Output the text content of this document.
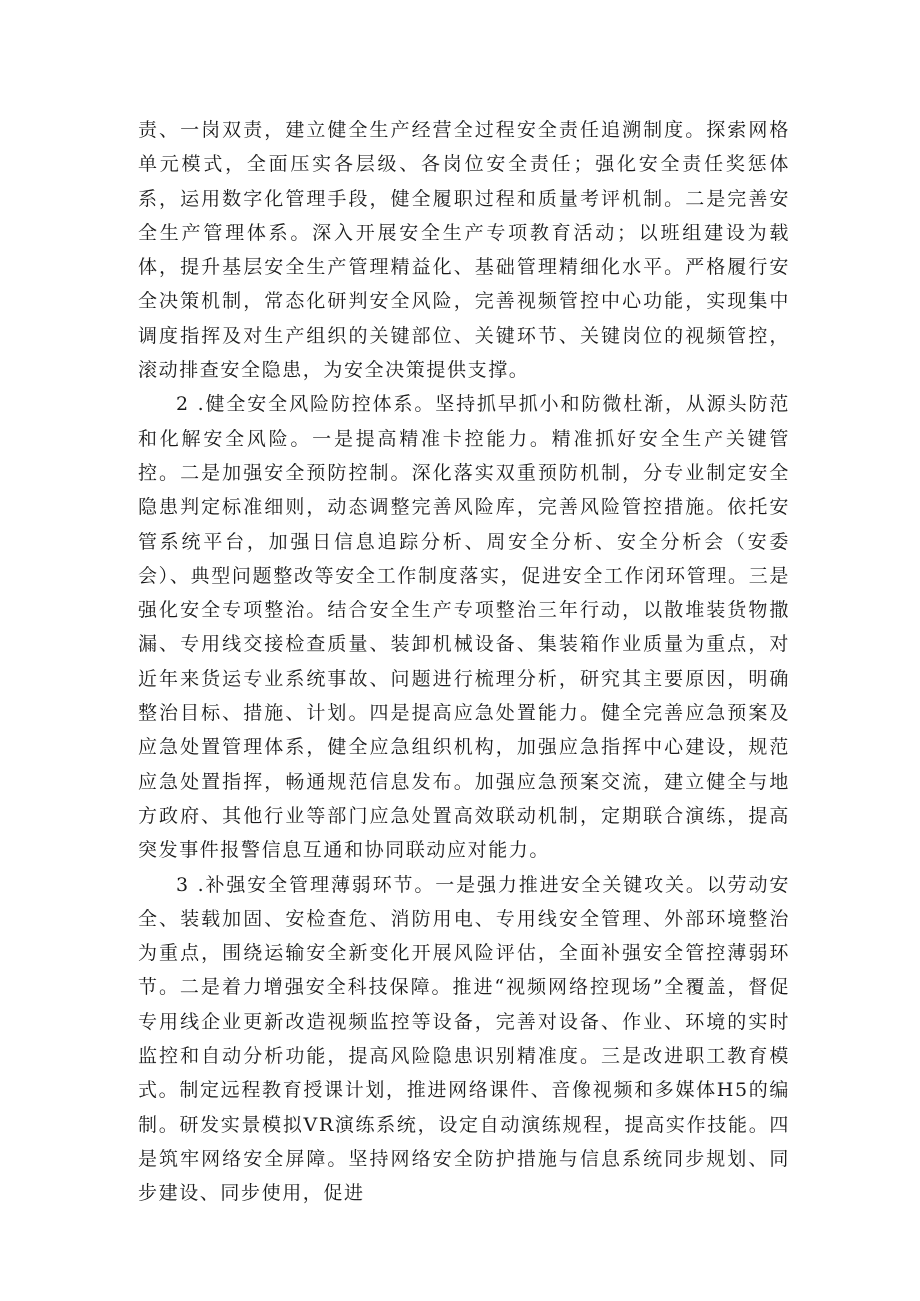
责、一岗双责，建立健全生产经营全过程安全责任追溯制度。探索网格单元模式，全面压实各层级、各岗位安全责任；强化安全责任奖惩体系，运用数字化管理手段，健全履职过程和质量考评机制。二是完善安全生产管理体系。深入开展安全生产专项教育活动；以班组建设为载体，提升基层安全生产管理精益化、基础管理精细化水平。严格履行安全决策机制，常态化研判安全风险，完善视频管控中心功能，实现集中调度指挥及对生产组织的关键部位、关键环节、关键岗位的视频管控，滚动排查安全隐患，为安全决策提供支撑。

2 .健全安全风险防控体系。坚持抓早抓小和防微杜渐，从源头防范和化解安全风险。一是提高精准卡控能力。精准抓好安全生产关键管控。二是加强安全预防控制。深化落实双重预防机制，分专业制定安全隐患判定标准细则，动态调整完善风险库，完善风险管控措施。依托安管系统平台，加强日信息追踪分析、周安全分析、安全分析会（安委会）、典型问题整改等安全工作制度落实，促进安全工作闭环管理。三是强化安全专项整治。结合安全生产专项整治三年行动，以散堆装货物撒漏、专用线交接检查质量、装卸机械设备、集装箱作业质量为重点，对近年来货运专业系统事故、问题进行梳理分析，研究其主要原因，明确整治目标、措施、计划。四是提高应急处置能力。健全完善应急预案及应急处置管理体系，健全应急组织机构，加强应急指挥中心建设，规范应急处置指挥，畅通规范信息发布。加强应急预案交流，建立健全与地方政府、其他行业等部门应急处置高效联动机制，定期联合演练，提高突发事件报警信息互通和协同联动应对能力。

3 .补强安全管理薄弱环节。一是强力推进安全关键攻关。以劳动安全、装载加固、安检查危、消防用电、专用线安全管理、外部环境整治为重点，围绕运输安全新变化开展风险评估，全面补强安全管控薄弱环节。二是着力增强安全科技保障。推进“视频网络控现场”全覆盖，督促专用线企业更新改造视频监控等设备，完善对设备、作业、环境的实时监控和自动分析功能，提高风险隐患识别精准度。三是改进职工教育模式。制定远程教育授课计划，推进网络课件、音像视频和多媒体H5的编制。研发实景模拟VR演练系统，设定自动演练规程，提高实作技能。四是筑牢网络安全屏障。坚持网络安全防护措施与信息系统同步规划、同步建设、同步使用，促进
